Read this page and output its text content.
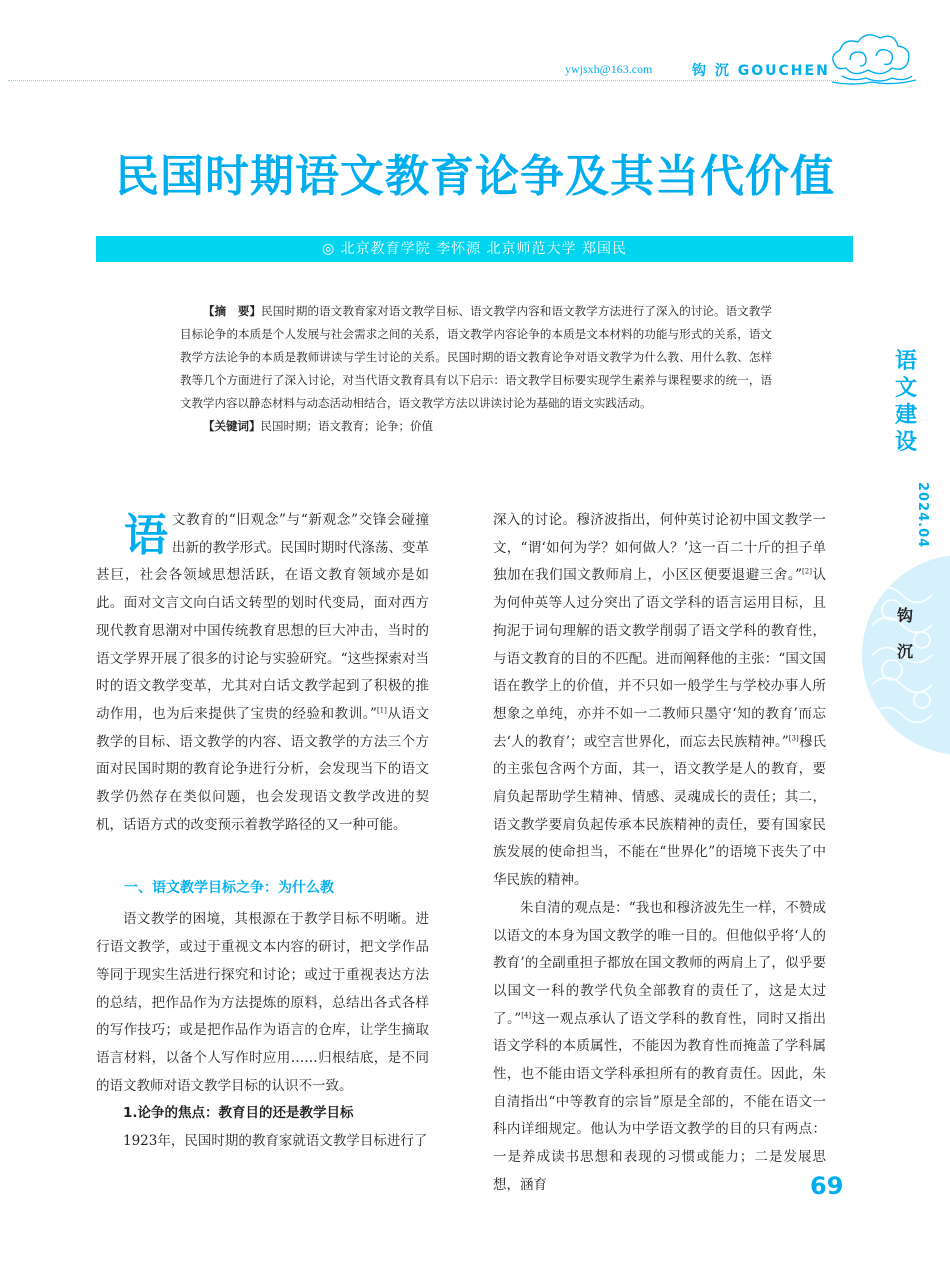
ywjsxh@163.com	钩 沉 GOUCHEN
民国时期语文教育论争及其当代价值
◎ 北京教育学院 李怀源 北京师范大学 郑国民

【摘　要】民国时期的语文教育家对语文教学目标、语文教学内容和语文教学方法进行了深入的讨论。语文教学目标论争的本质是个人发展与社会需求之间的关系，语文教学内容论争的本质是文本材料的功能与形式的关系，语文教学方法论争的本质是教师讲读与学生讨论的关系。民国时期的语文教育论争对语文教学为什么教、用什么教、怎样教等几个方面进行了深入讨论，对当代语文教育具有以下启示：语文教学目标要实现学生素养与课程要求的统一，语文教学内容以静态材料与动态活动相结合，语文教学方法以讲读讨论为基础的语文实践活动。

【关键词】民国时期；语文教育；论争；价值

语
文
建
设
2024.04
钩
沉

语文教育的“旧观念”与“新观念”交锋会碰撞出新的教学形式。民国时期时代涤荡、变革甚巨，社会各领域思想活跃，在语文教育领域亦是如此。面对文言文向白话文转型的划时代变局，面对西方现代教育思潮对中国传统教育思想的巨大冲击，当时的语文学界开展了很多的讨论与实验研究。“这些探索对当时的语文教学变革，尤其对白话文教学起到了积极的推动作用，也为后来提供了宝贵的经验和教训。”[1]从语文教学的目标、语文教学的内容、语文教学的方法三个方面对民国时期的教育论争进行分析，会发现当下的语文教学仍然存在类似问题，也会发现语文教学改进的契机，话语方式的改变预示着教学路径的又一种可能。

一、语文教学目标之争：为什么教

语文教学的困境，其根源在于教学目标不明晰。进行语文教学，或过于重视文本内容的研讨，把文学作品等同于现实生活进行探究和讨论；或过于重视表达方法的总结，把作品作为方法提炼的原料，总结出各式各样的写作技巧；或是把作品作为语言的仓库，让学生摘取语言材料，以备个人写作时应用……归根结底，是不同的语文教师对语文教学目标的认识不一致。

1.论争的焦点：教育目的还是教学目标

1923年，民国时期的教育家就语文教学目标进行了

深入的讨论。穆济波指出，何仲英讨论初中国文教学一文，“谓‘如何为学？如何做人？’这一百二十斤的担子单独加在我们国文教师肩上，小区区便要退避三舍。”[2]认为何仲英等人过分突出了语文学科的语言运用目标，且拘泥于词句理解的语文教学削弱了语文学科的教育性，与语文教育的目的不匹配。进而阐释他的主张：“国文国语在教学上的价值，并不只如一般学生与学校办事人所想象之单纯，亦并不如一二教师只墨守‘知的教育’而忘去‘人的教育’；或空言世界化，而忘去民族精神。”[3]穆氏的主张包含两个方面，其一，语文教学是人的教育，要肩负起帮助学生精神、情感、灵魂成长的责任；其二，语文教学要肩负起传承本民族精神的责任，要有国家民族发展的使命担当，不能在“世界化”的语境下丧失了中华民族的精神。

朱自清的观点是：“我也和穆济波先生一样，不赞成以语文的本身为国文教学的唯一目的。但他似乎将‘人的教育’的全副重担子都放在国文教师的两肩上了，似乎要以国文一科的教学代负全部教育的责任了，这是太过了。”[4]这一观点承认了语文学科的教育性，同时又指出语文学科的本质属性，不能因为教育性而掩盖了学科属性，也不能由语文学科承担所有的教育责任。因此，朱自清指出“中等教育的宗旨”原是全部的，不能在语文一科内详细规定。他认为中学语文教学的目的只有两点：一是养成读书思想和表现的习惯或能力；二是发展思想，涵育	69
